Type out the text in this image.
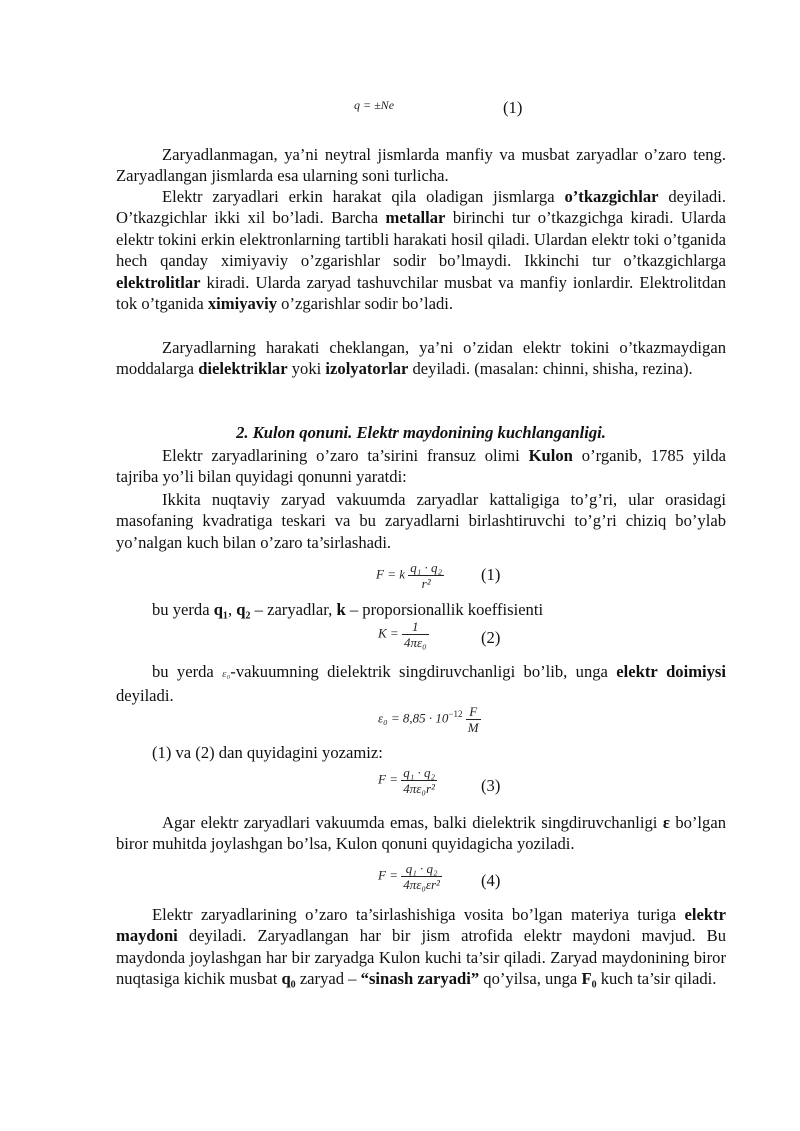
q = ±Ne	(1)

Zaryadlanmagan, ya’ni neytral jismlarda manfiy va musbat zaryadlar o’zaro teng. Zaryadlangan jismlarda esa ularning soni turlicha.

Elektr zaryadlari erkin harakat qila oladigan jismlarga o’tkazgichlar deyiladi. O’tkazgichlar ikki xil bo’ladi. Barcha metallar birinchi tur o’tkazgichga kiradi. Ularda elektr tokini erkin elektronlarning tartibli harakati hosil qiladi. Ulardan elektr toki o’tganida hech qanday ximiyaviy o’zgarishlar sodir bo’lmaydi. Ikkinchi tur o’tkazgichlarga elektrolitlar kiradi. Ularda zaryad tashuvchilar musbat va manfiy ionlardir. Elektrolitdan tok o’tganida ximiyaviy o’zgarishlar sodir bo’ladi.

Zaryadlarning harakati cheklangan, ya’ni o’zidan elektr tokini o’tkazmaydigan moddalarga dielektriklar yoki izolyatorlar deyiladi. (masalan: chinni, shisha, rezina).

2. Kulon qonuni. Elektr maydonining kuchlanganligi.

Elektr zaryadlarining o’zaro ta’sirini fransuz olimi Kulon o’rganib, 1785 yilda tajriba yo’li bilan quyidagi qonunni yaratdi:

Ikkita nuqtaviy zaryad vakuumda zaryadlar kattaligiga to’g’ri, ular orasidagi masofaning kvadratiga teskari va bu zaryadlarni birlashtiruvchi to’g’ri chiziq bo’ylab yo’nalgan kuch bilan o’zaro ta’sirlashadi.

F = k $\frac{\text{q₁ · q₂}}{\text{r²}} (1)$

bu yerda q₁, q₂ – zaryadlar, k – proporsionallik koeffisienti

$K = \frac{1}{\text{4πε₀}}$	(2)

bu yerda ε₀-vakuumning dielektrik singdiruvchanligi bo’lib, unga elektr doimiysi deyiladi.

$\varepsilon_0 = 8,85 \cdot 10^{-12} \frac{F}{M}$

(1) va (2) dan quyidagini yozamiz:

$F = \frac{\text{q₁ · q₂}}{\text{4πε₀r²}}$	(3)

Agar elektr zaryadlari vakuumda emas, balki dielektrik singdiruvchanligi ε bo’lgan biror muhitda joylashgan bo’lsa, Kulon qonuni quyidagicha yoziladi.

$F = \frac{\text{q₁ · q₂}}{\text{4πε₀εr²}} (4)$

Elektr zaryadlarining o’zaro ta’sirlashishiga vosita bo’lgan materiya turiga elektr maydoni deyiladi. Zaryadlangan har bir jism atrofida elektr maydoni mavjud. Bu maydonda joylashgan har bir zaryadga Kulon kuchi ta’sir qiladi. Zaryad maydonining biror nuqtasiga kichik musbat q₀ zaryad – “sinash zaryadi” qo’yilsa, unga F₀ kuch ta’sir qiladi.
